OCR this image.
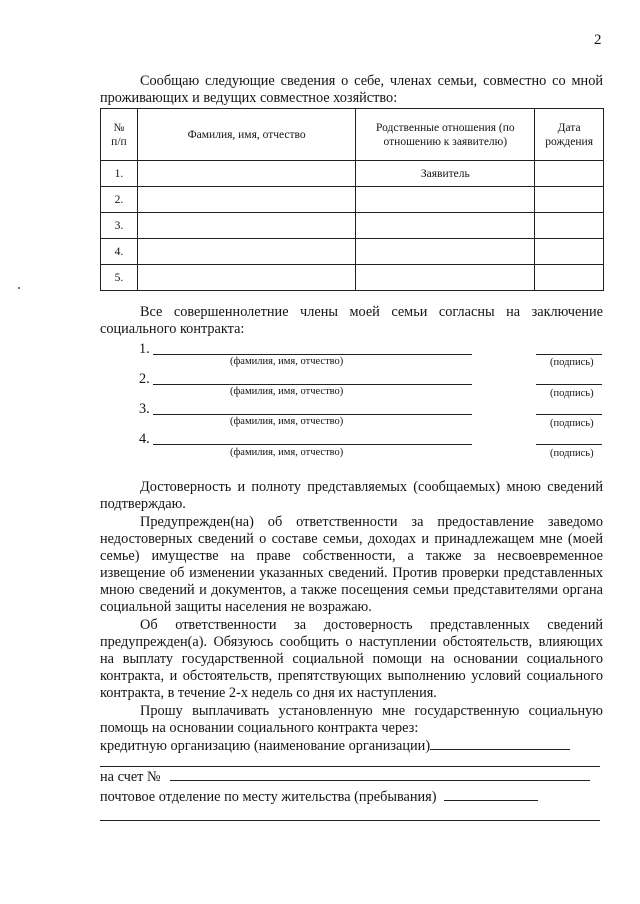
2
Сообщаю следующие сведения о себе, членах семьи, совместно со мной проживающих и ведущих совместное хозяйство:
№ п/п	Фамилия, имя, отчество	Родственные отношения (по отношению к заявителю)	Дата рождения
1.		Заявитель	
2.			
3.			
4.			
5.			
Все совершеннолетние члены моей семьи согласны на заключение социального контракта:
1.
(фамилия, имя, отчество)	(подпись)
2.
(фамилия, имя, отчество)	(подпись)
3.
(фамилия, имя, отчество)	(подпись)
4.
(фамилия, имя, отчество)	(подпись)
Достоверность и полноту представляемых (сообщаемых) мною сведений подтверждаю.
Предупрежден(на) об ответственности за предоставление заведомо недостоверных сведений о составе семьи, доходах и принадлежащем мне (моей семье) имуществе на праве собственности, а также за несвоевременное извещение об изменении указанных сведений. Против проверки представленных мною сведений и документов, а также посещения семьи представителями органа социальной защиты населения не возражаю.
Об ответственности за достоверность представленных сведений предупрежден(а). Обязуюсь сообщить о наступлении обстоятельств, влияющих на выплату государственной социальной помощи на основании социального контракта, и обстоятельств, препятствующих выполнению условий социального контракта, в течение 2-х недель со дня их наступления.
Прошу выплачивать установленную мне государственную социальную помощь на основании социального контракта через:
кредитную организацию (наименование организации)
на счет №
почтовое отделение по месту жительства (пребывания)
